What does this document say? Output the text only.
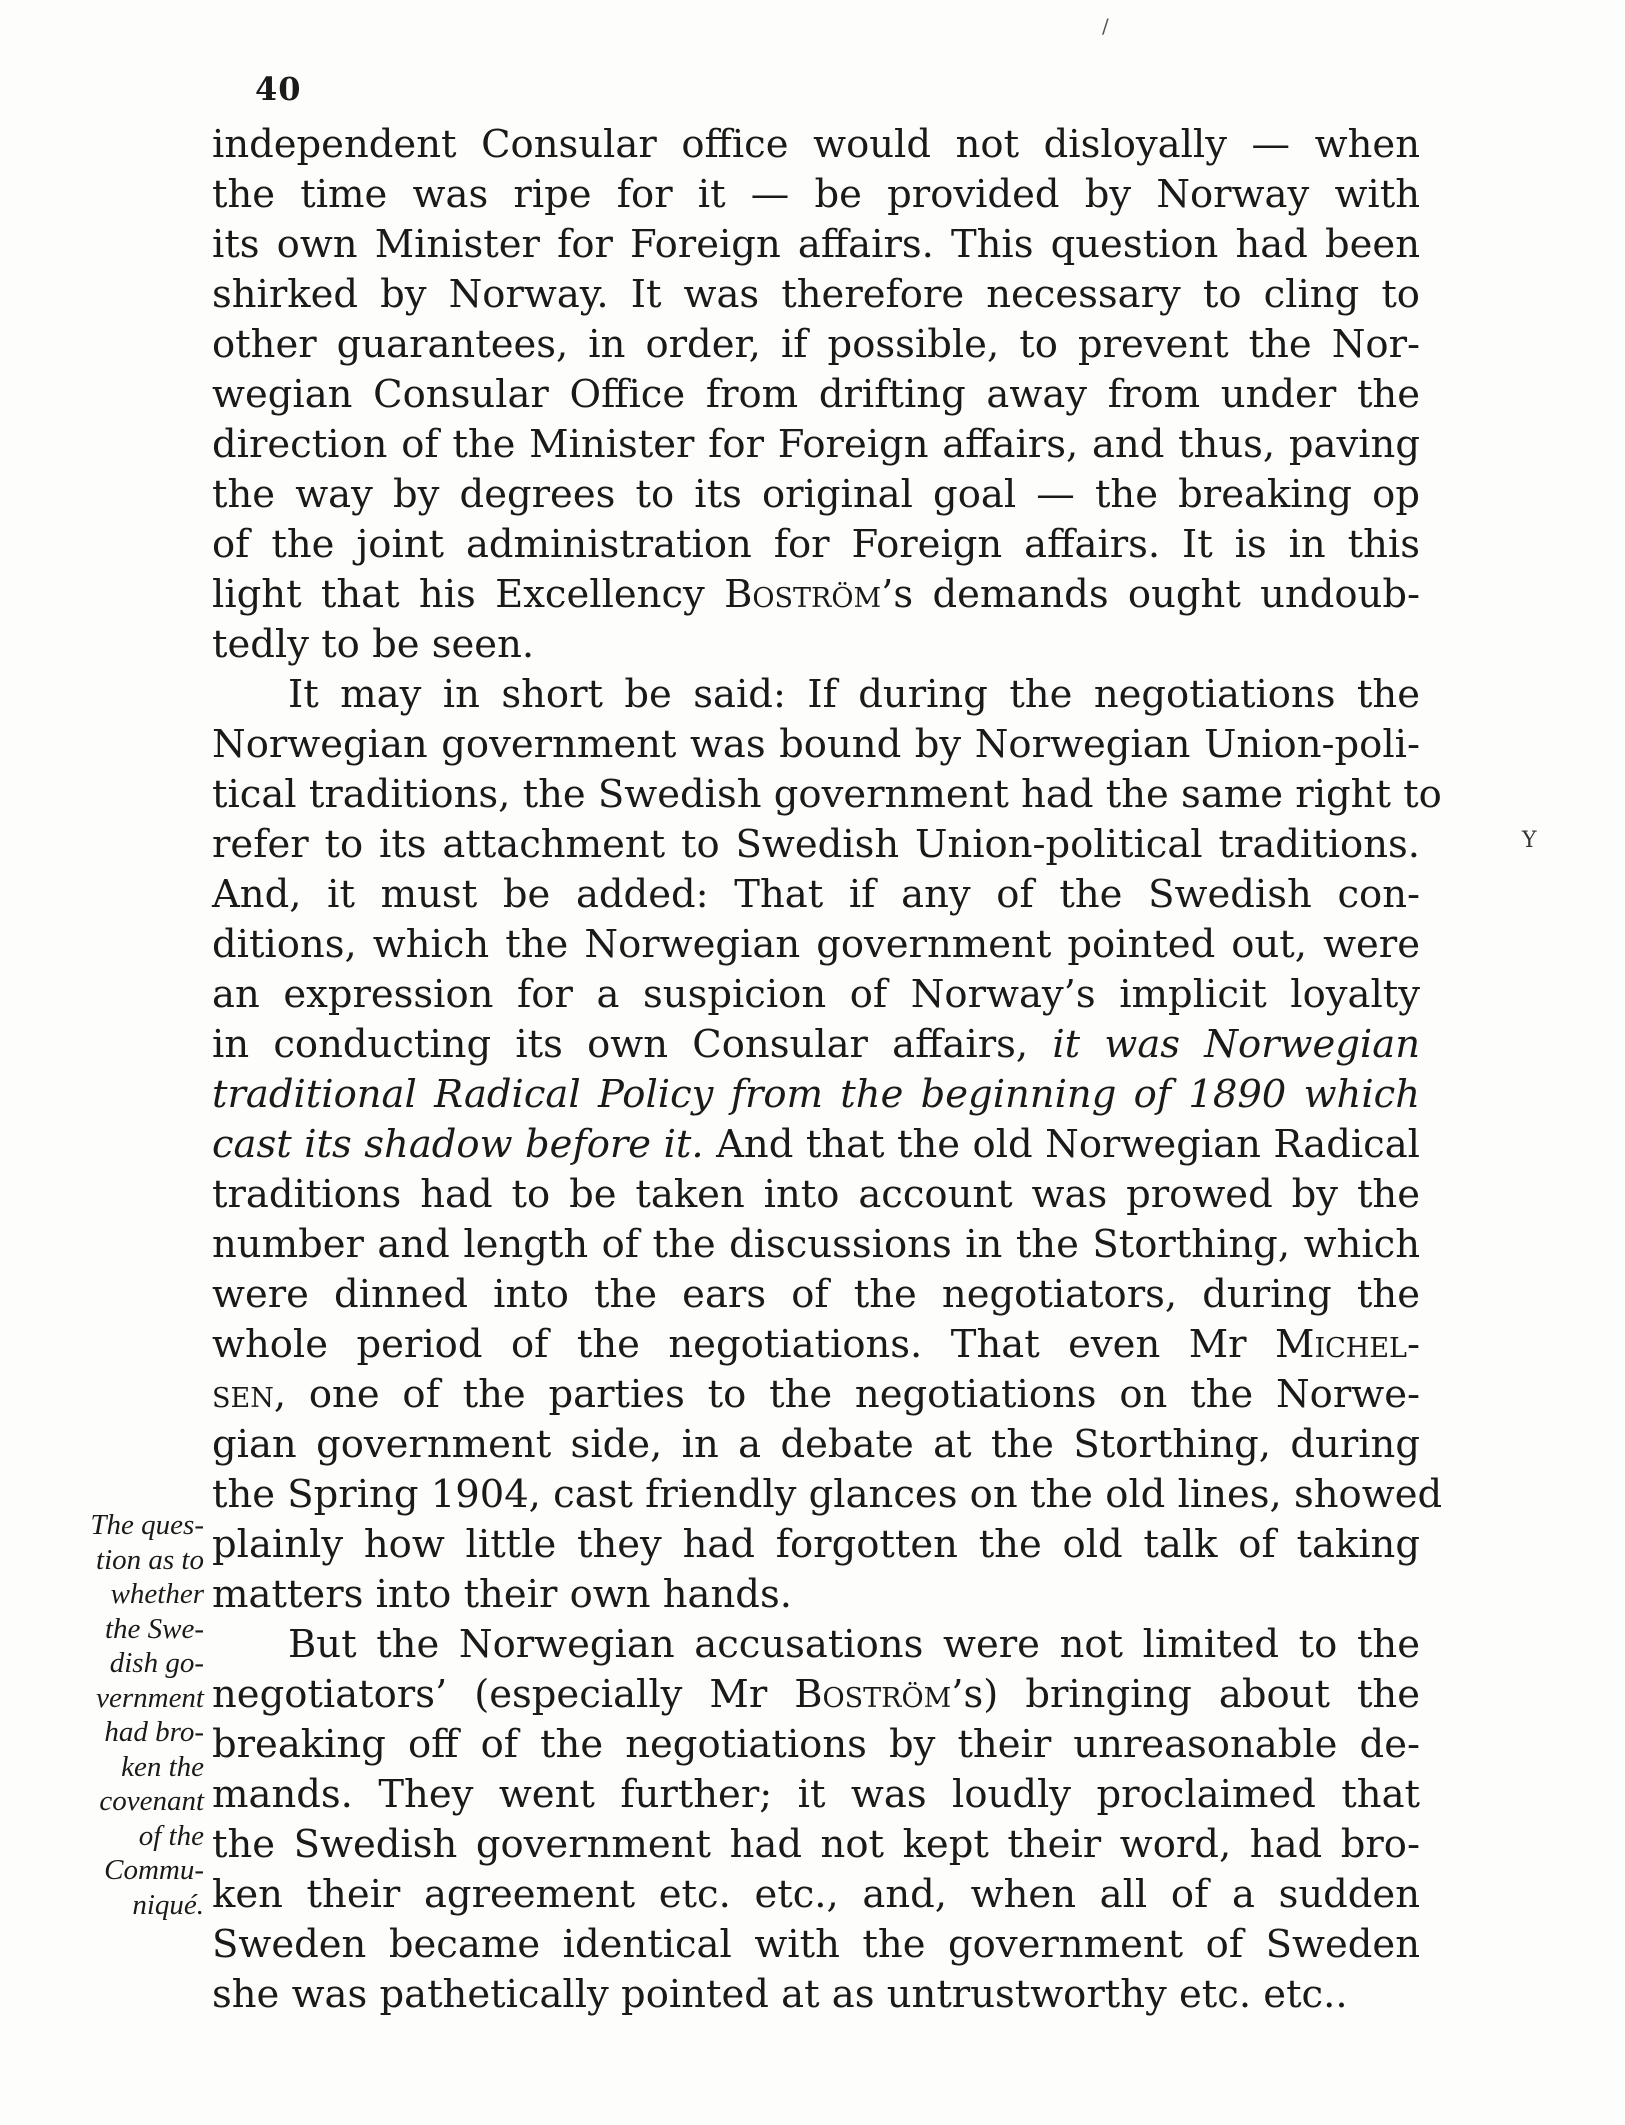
/
Y
40
independent Consular office would not disloyally — when
the time was ripe for it — be provided by Norway with
its own Minister for Foreign affairs. This question had been
shirked by Norway. It was therefore necessary to cling to
other guarantees, in order, if possible, to prevent the Nor-
wegian Consular Office from drifting away from under the
direction of the Minister for Foreign affairs, and thus, paving
the way by degrees to its original goal — the breaking op
of the joint administration for Foreign affairs. It is in this
light that his Excellency Boström’s demands ought undoub-
tedly to be seen.
It may in short be said: If during the negotiations the
Norwegian government was bound by Norwegian Union-poli-
tical traditions, the Swedish government had the same right to
refer to its attachment to Swedish Union-political traditions.
And, it must be added: That if any of the Swedish con-
ditions, which the Norwegian government pointed out, were
an expression for a suspicion of Norway’s implicit loyalty
in conducting its own Consular affairs, it was Norwegian
traditional Radical Policy from the beginning of 1890 which
cast its shadow before it. And that the old Norwegian Radical
traditions had to be taken into account was prowed by the
number and length of the discussions in the Storthing, which
were dinned into the ears of the negotiators, during the
whole period of the negotiations. That even Mr Michel-
sen, one of the parties to the negotiations on the Norwe-
gian government side, in a debate at the Storthing, during
the Spring 1904, cast friendly glances on the old lines, showed
plainly how little they had forgotten the old talk of taking
matters into their own hands.
But the Norwegian accusations were not limited to the
negotiators’ (especially Mr Boström’s) bringing about the
breaking off of the negotiations by their unreasonable de-
mands. They went further; it was loudly proclaimed that
the Swedish government had not kept their word, had bro-
ken their agreement etc. etc., and, when all of a sudden
Sweden became identical with the government of Sweden
she was pathetically pointed at as untrustworthy etc. etc..
The ques-
tion as to
whether
the Swe-
dish go-
vernment
had bro-
ken the
covenant
of the
Commu-
niqué.
